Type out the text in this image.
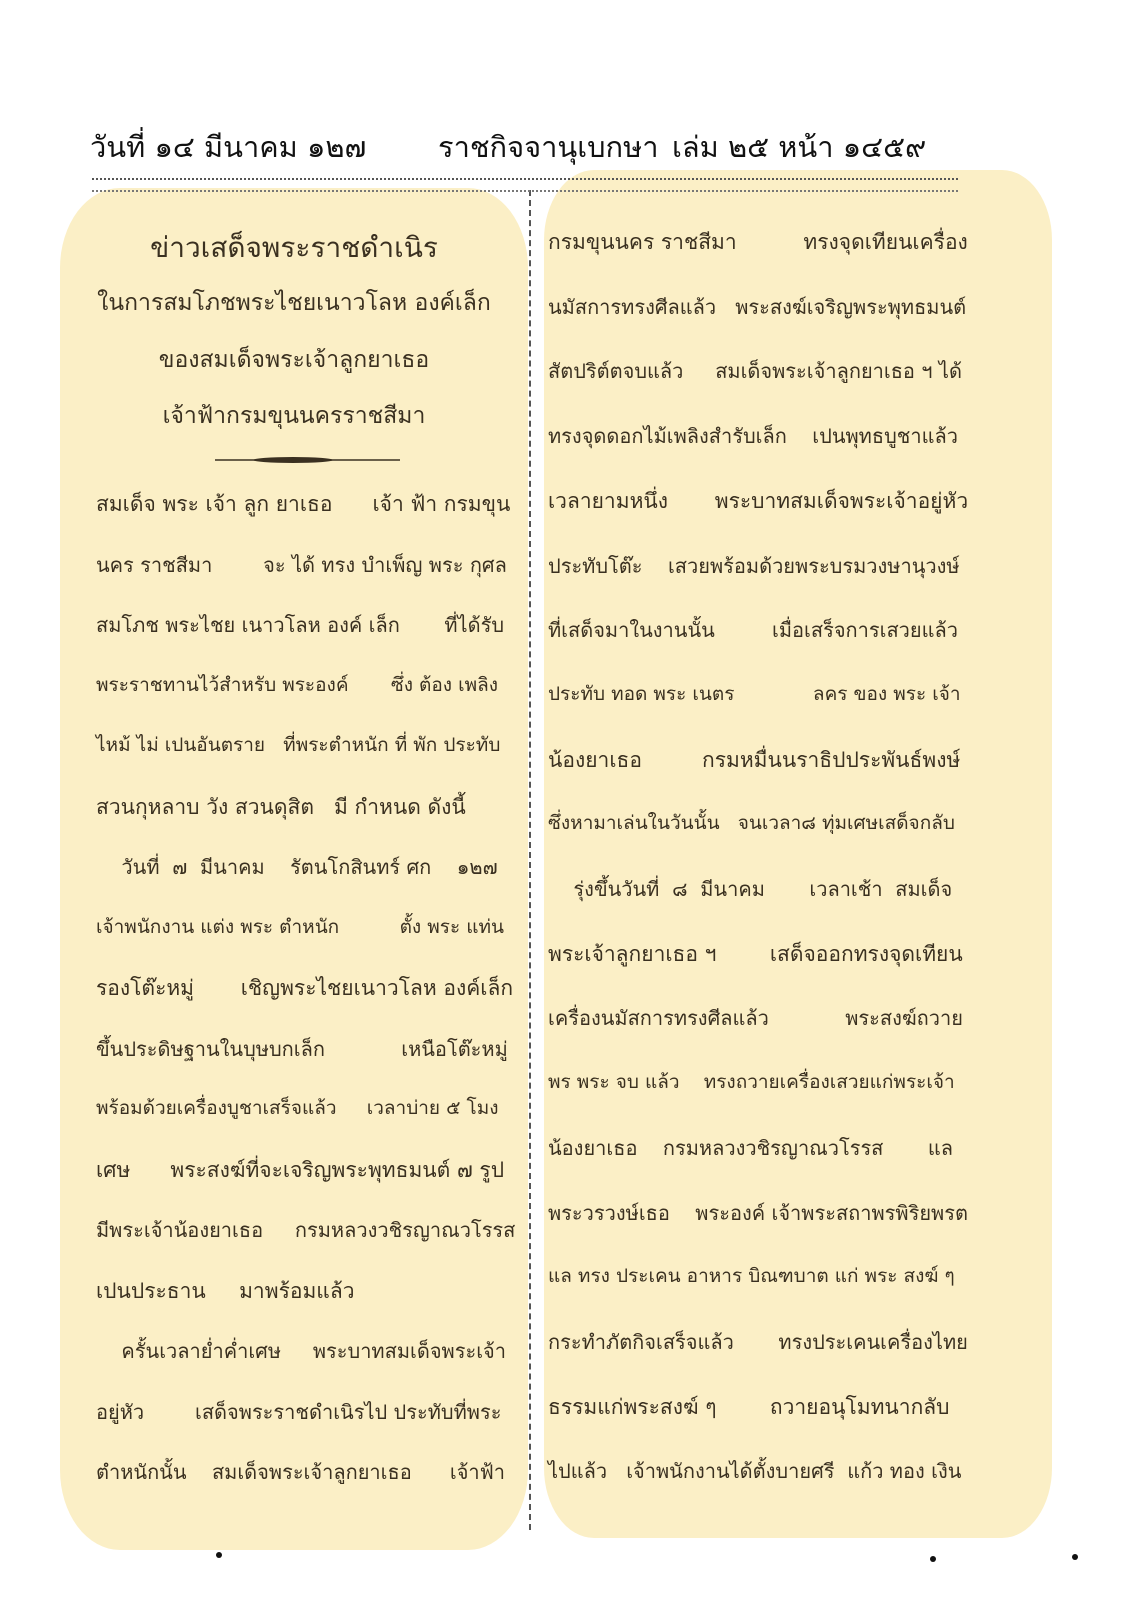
วันที่ ๑๔ มีนาคม ๑๒๗ ราชกิจจานุเบกษา เล่ม ๒๕ หน้า ๑๔๕๙
ข่าวเสด็จพระราชดำเนิร
ในการสมโภชพระไชยเนาวโลห องค์เล็ก
ของสมเด็จพระเจ้าลูกยาเธอ
เจ้าฟ้ากรมขุนนครราชสีมา
สมเด็จ พระ เจ้า ลูก ยาเธอ      เจ้า ฟ้า กรมขุน
นคร ราชสีมา        จะ ได้ ทรง บำเพ็ญ พระ กุศล
สมโภช พระไชย เนาวโลห องค์ เล็ก       ที่ได้รับ
พระราชทานไว้สำหรับ พระองค์       ซึ่ง ต้อง เพลิง
ไหม้ ไม่ เปนอันตราย   ที่พระตำหนัก ที่ พัก ประทับ
สวนกุหลาบ วัง สวนดุสิต   มี กำหนด ดังนี้
วันที่  ๗  มีนาคม    รัตนโกสินทร์ ศก    ๑๒๗
เจ้าพนักงาน แต่ง พระ ตำหนัก          ตั้ง พระ แท่น
รองโต๊ะหมู่       เชิญพระไชยเนาวโลห องค์เล็ก
ขึ้นประดิษฐานในบุษบกเล็ก            เหนือโต๊ะหมู่
พร้อมด้วยเครื่องบูชาเสร็จแล้ว     เวลาบ่าย ๕ โมง
เศษ      พระสงฆ์ที่จะเจริญพระพุทธมนต์ ๗ รูป
มีพระเจ้าน้องยาเธอ     กรมหลวงวชิรญาณวโรรส
เปนประธาน     มาพร้อมแล้ว
ครั้นเวลาย่ำค่ำเศษ     พระบาทสมเด็จพระเจ้า
อยู่หัว        เสด็จพระราชดำเนิรไป ประทับที่พระ
ตำหนักนั้น    สมเด็จพระเจ้าลูกยาเธอ      เจ้าฟ้า
กรมขุนนคร ราชสีมา          ทรงจุดเทียนเครื่อง
นมัสการทรงศีลแล้ว   พระสงฆ์เจริญพระพุทธมนต์
สัตปริต์ตจบแล้ว     สมเด็จพระเจ้าลูกยาเธอ ฯ ได้
ทรงจุดดอกไม้เพลิงสำรับเล็ก    เปนพุทธบูชาแล้ว
เวลายามหนึ่ง       พระบาทสมเด็จพระเจ้าอยู่หัว
ประทับโต๊ะ    เสวยพร้อมด้วยพระบรมวงษานุวงษ์
ที่เสด็จมาในงานนั้น         เมื่อเสร็จการเสวยแล้ว
ประทับ ทอด พระ เนตร             ลคร ของ พระ เจ้า
น้องยาเธอ         กรมหมื่นนราธิปประพันธ์พงษ์
ซึ่งหามาเล่นในวันนั้น   จนเวลา๘ ทุ่มเศษเสด็จกลับ
รุ่งขึ้นวันที่  ๘  มีนาคม       เวลาเช้า  สมเด็จ
พระเจ้าลูกยาเธอ ฯ        เสด็จออกทรงจุดเทียน
เครื่องนมัสการทรงศีลแล้ว            พระสงฆ์ถวาย
พร พระ จบ แล้ว    ทรงถวายเครื่องเสวยแก่พระเจ้า
น้องยาเธอ    กรมหลวงวชิรญาณวโรรส       แล
พระวรวงษ์เธอ    พระองค์ เจ้าพระสถาพรพิริยพรต
แล ทรง ประเคน อาหาร บิณฑบาต แก่ พระ สงฆ์ ๆ
กระทำภัตกิจเสร็จแล้ว       ทรงประเคนเครื่องไทย
ธรรมแก่พระสงฆ์ ๆ        ถวายอนุโมทนากลับ
ไปแล้ว   เจ้าพนักงานได้ตั้งบายศรี  แก้ว ทอง เงิน
